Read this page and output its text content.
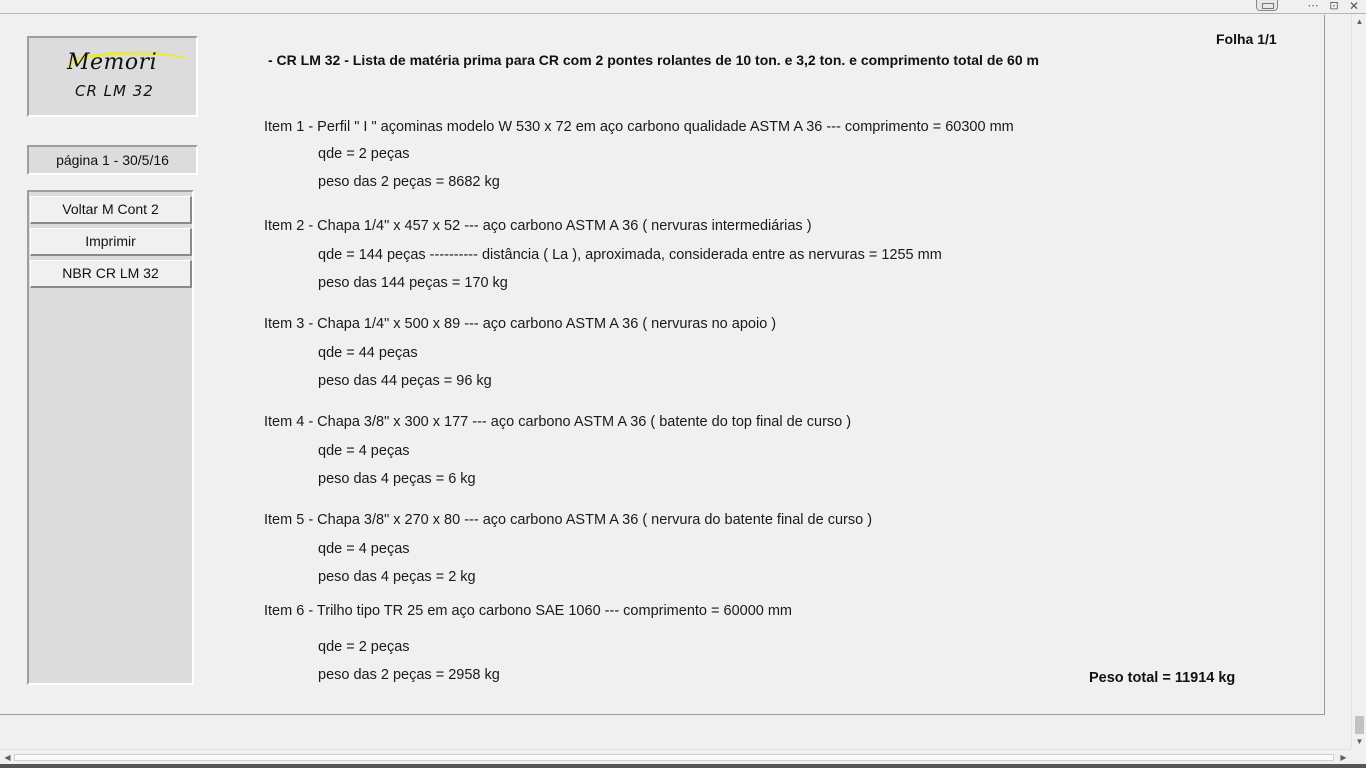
⋯ ⊡ ✕
Memori
CR LM 32
página 1 - 30/5/16
Voltar M Cont 2
Imprimir
NBR CR LM 32
Folha 1/1
- CR LM 32 - Lista de matéria prima para CR com 2 pontes rolantes de 10 ton. e 3,2 ton. e comprimento total de 60 m
Item 1 - Perfil " I " açominas modelo W 530 x 72 em aço carbono qualidade ASTM A 36 --- comprimento = 60300 mm
qde = 2 peças
peso das 2 peças = 8682 kg
Item 2 - Chapa 1/4" x 457 x 52 --- aço carbono ASTM A 36 ( nervuras intermediárias )
qde = 144 peças ---------- distância ( La ), aproximada, considerada entre as nervuras = 1255 mm
peso das 144 peças = 170 kg
Item 3 - Chapa 1/4" x 500 x 89 --- aço carbono ASTM A 36 ( nervuras no apoio )
qde = 44 peças
peso das 44 peças = 96 kg
Item 4 - Chapa 3/8" x 300 x 177 --- aço carbono ASTM A 36 ( batente do top final de curso )
qde = 4 peças
peso das 4 peças = 6 kg
Item 5 - Chapa 3/8" x 270 x 80 --- aço carbono ASTM A 36 ( nervura do batente final de curso )
qde = 4 peças
peso das 4 peças = 2 kg
Item 6 - Trilho tipo TR 25 em aço carbono SAE 1060 --- comprimento = 60000 mm
qde = 2 peças
peso das 2 peças = 2958 kg	Peso total = 11914 kg
▲
▼
◀	▶
